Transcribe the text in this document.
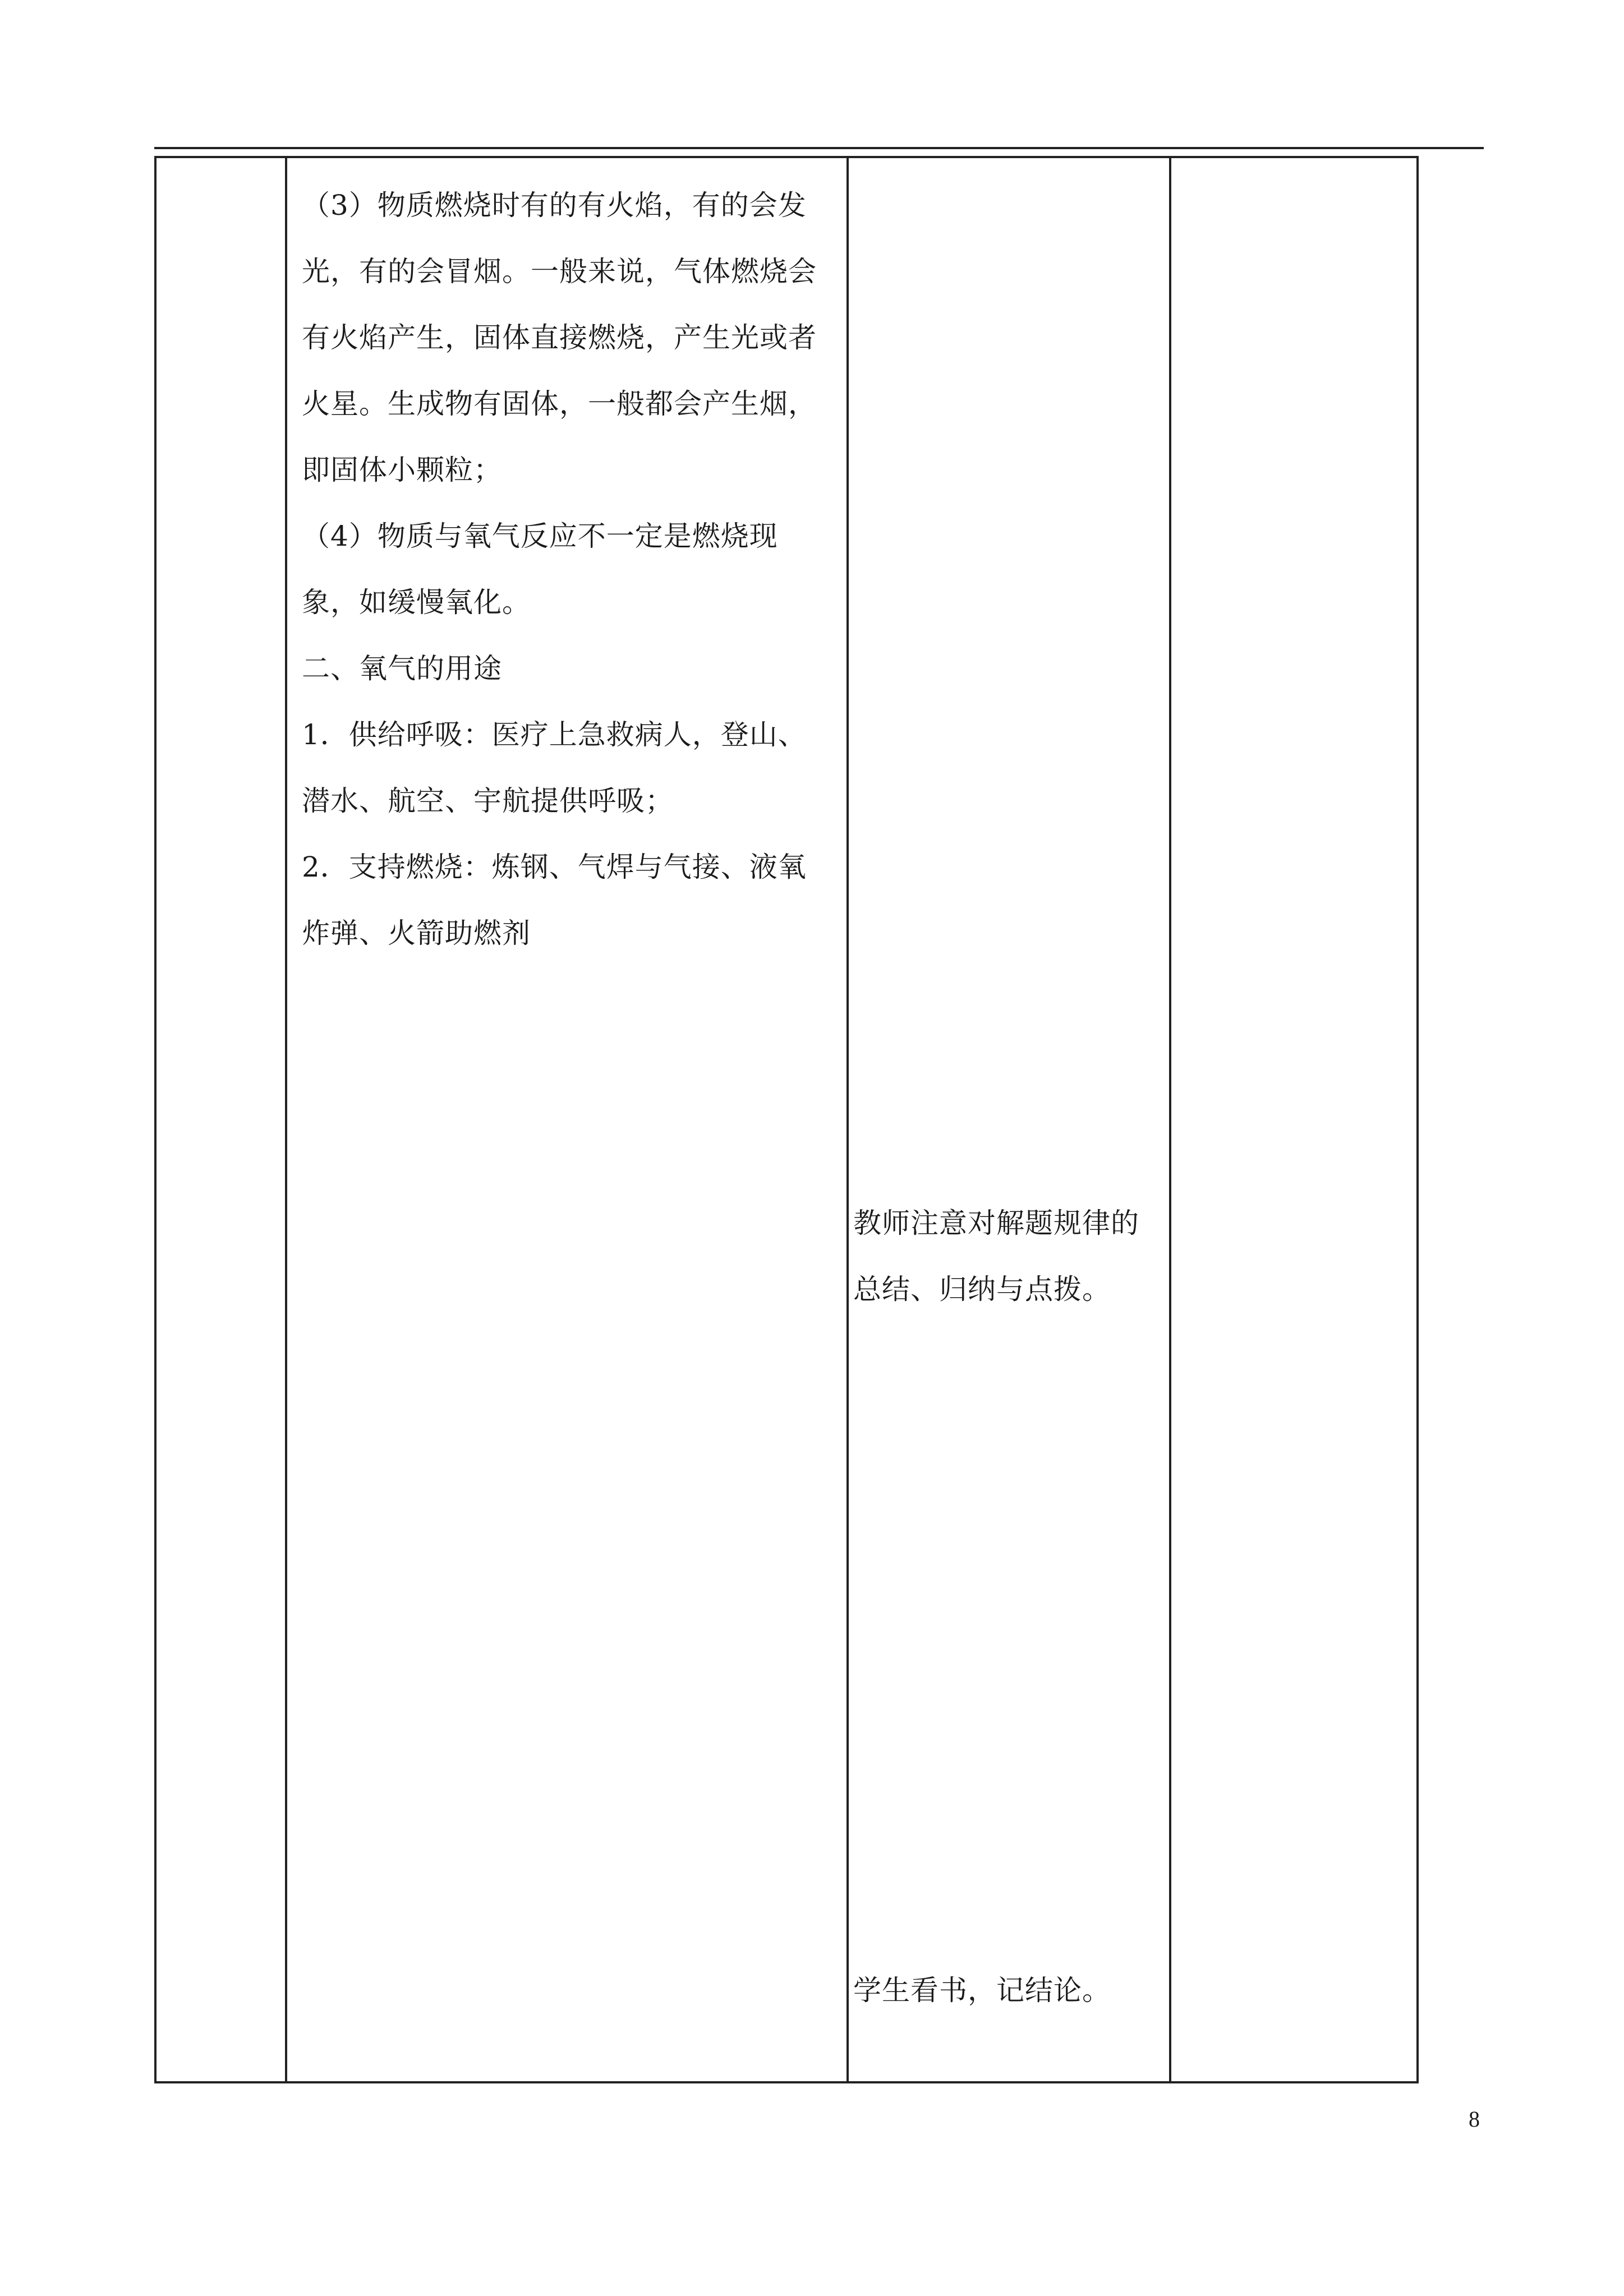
（3）物质燃烧时有的有火焰，有的会发光，有的会冒烟。一般来说，气体燃烧会有火焰产生，固体直接燃烧，产生光或者火星。生成物有固体，一般都会产生烟，即固体小颗粒；

（4）物质与氧气反应不一定是燃烧现象，如缓慢氧化。

二、氧气的用途

1．供给呼吸：医疗上急救病人，登山、潜水、航空、宇航提供呼吸；

2．支持燃烧：炼钢、气焊与气接、液氧炸弹、火箭助燃剂

教师注意对解题规律的总结、归纳与点拨。

学生看书，记结论。

8
